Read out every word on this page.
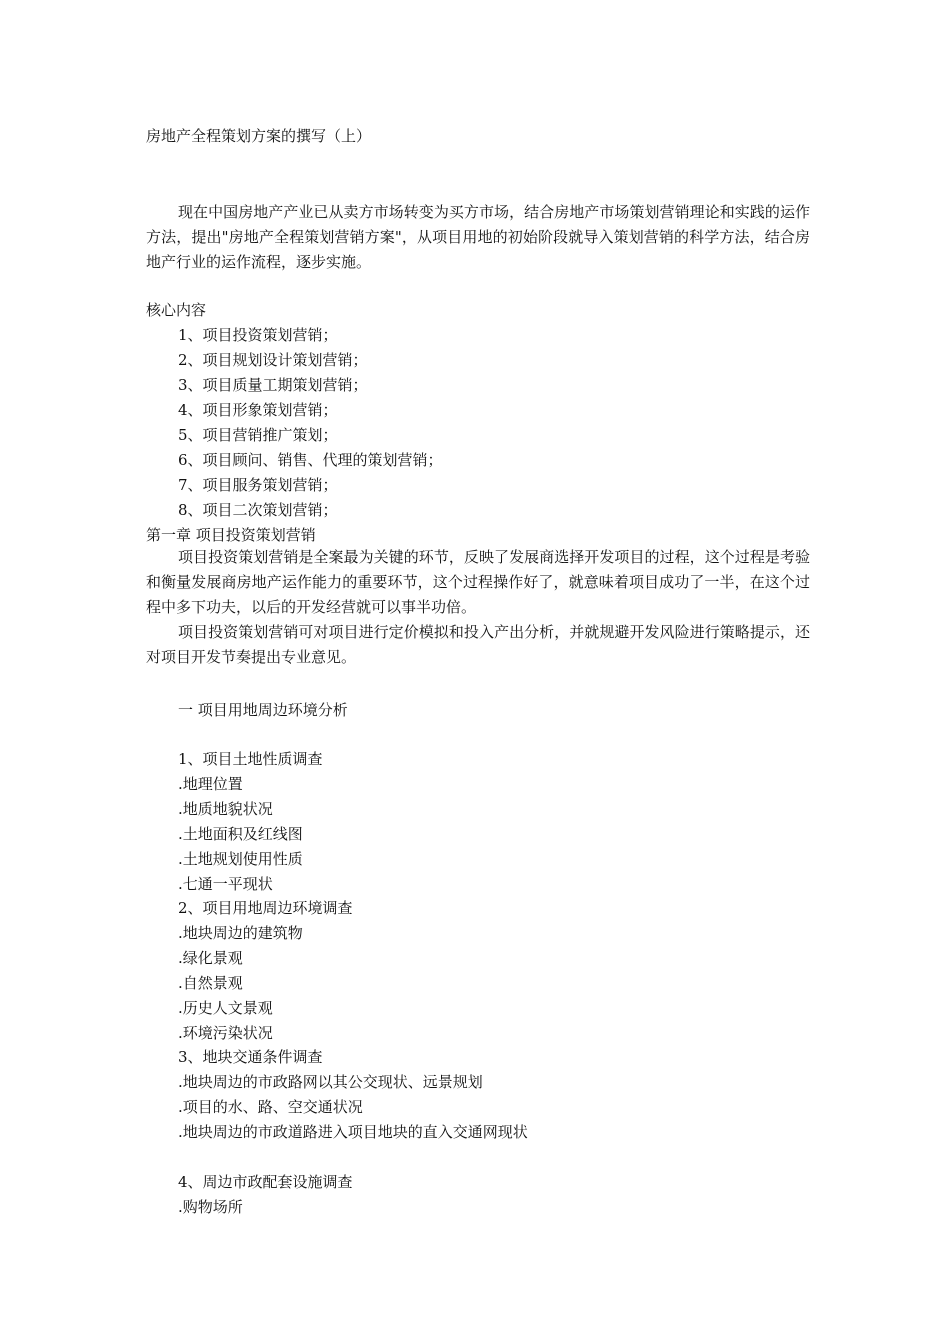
房地产全程策划方案的撰写（上）
现在中国房地产产业已从卖方市场转变为买方市场，结合房地产市场策划营销理论和实践的运作方法，提出"房地产全程策划营销方案"，从项目用地的初始阶段就导入策划营销的科学方法，结合房地产行业的运作流程，逐步实施。
核心内容
1、项目投资策划营销；
2、项目规划设计策划营销；
3、项目质量工期策划营销；
4、项目形象策划营销；
5、项目营销推广策划；
6、项目顾问、销售、代理的策划营销；
7、项目服务策划营销；
8、项目二次策划营销；
第一章 项目投资策划营销
项目投资策划营销是全案最为关键的环节，反映了发展商选择开发项目的过程，这个过程是考验和衡量发展商房地产运作能力的重要环节，这个过程操作好了，就意味着项目成功了一半，在这个过程中多下功夫，以后的开发经营就可以事半功倍。
项目投资策划营销可对项目进行定价模拟和投入产出分析，并就规避开发风险进行策略提示，还对项目开发节奏提出专业意见。
一 项目用地周边环境分析
1、项目土地性质调查
.地理位置
.地质地貌状况
.土地面积及红线图
.土地规划使用性质
.七通一平现状
2、项目用地周边环境调查
.地块周边的建筑物
.绿化景观
.自然景观
.历史人文景观
.环境污染状况
3、地块交通条件调查
.地块周边的市政路网以其公交现状、远景规划
.项目的水、路、空交通状况
.地块周边的市政道路进入项目地块的直入交通网现状
4、周边市政配套设施调查
.购物场所
